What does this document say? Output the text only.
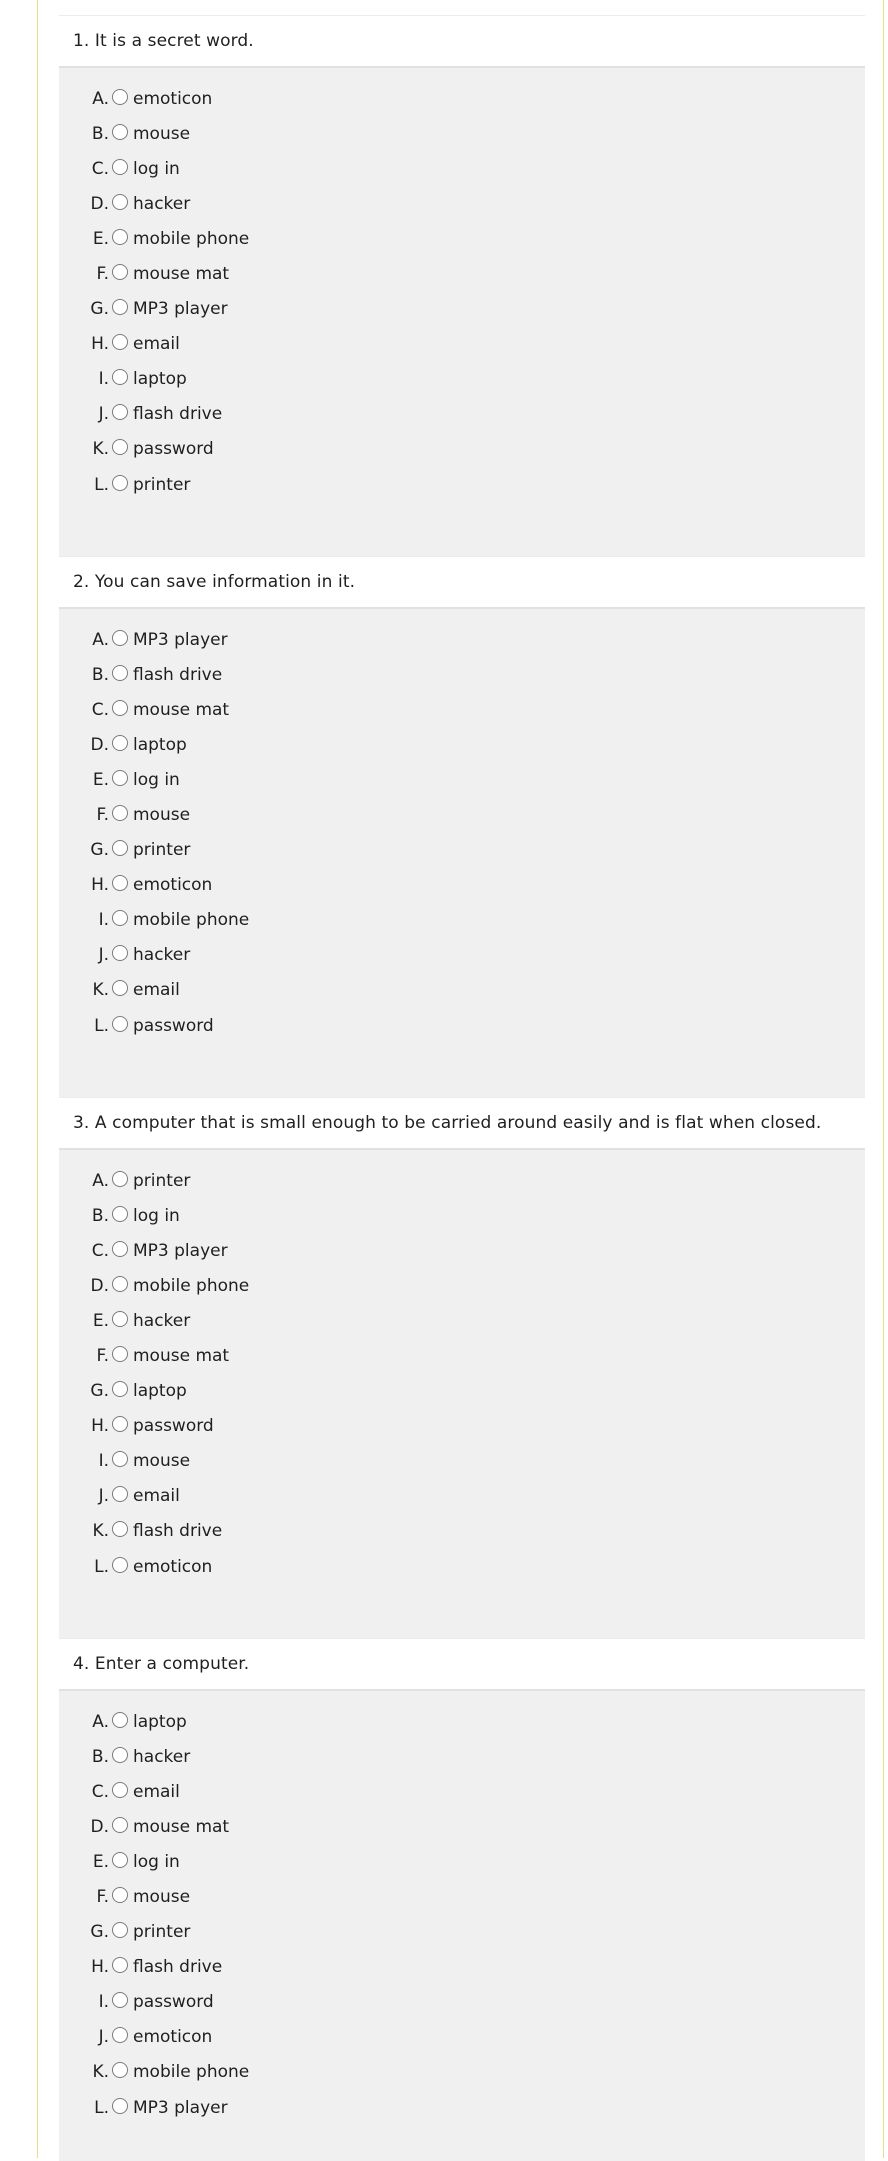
1. It is a secret word.
A. emoticon
B. mouse
C. log in
D. hacker
E. mobile phone
F. mouse mat
G. MP3 player
H. email
I. laptop
J. flash drive
K. password
L. printer
2. You can save information in it.
A. MP3 player
B. flash drive
C. mouse mat
D. laptop
E. log in
F. mouse
G. printer
H. emoticon
I. mobile phone
J. hacker
K. email
L. password
3. A computer that is small enough to be carried around easily and is flat when closed.
A. printer
B. log in
C. MP3 player
D. mobile phone
E. hacker
F. mouse mat
G. laptop
H. password
I. mouse
J. email
K. flash drive
L. emoticon
4. Enter a computer.
A. laptop
B. hacker
C. email
D. mouse mat
E. log in
F. mouse
G. printer
H. flash drive
I. password
J. emoticon
K. mobile phone
L. MP3 player
